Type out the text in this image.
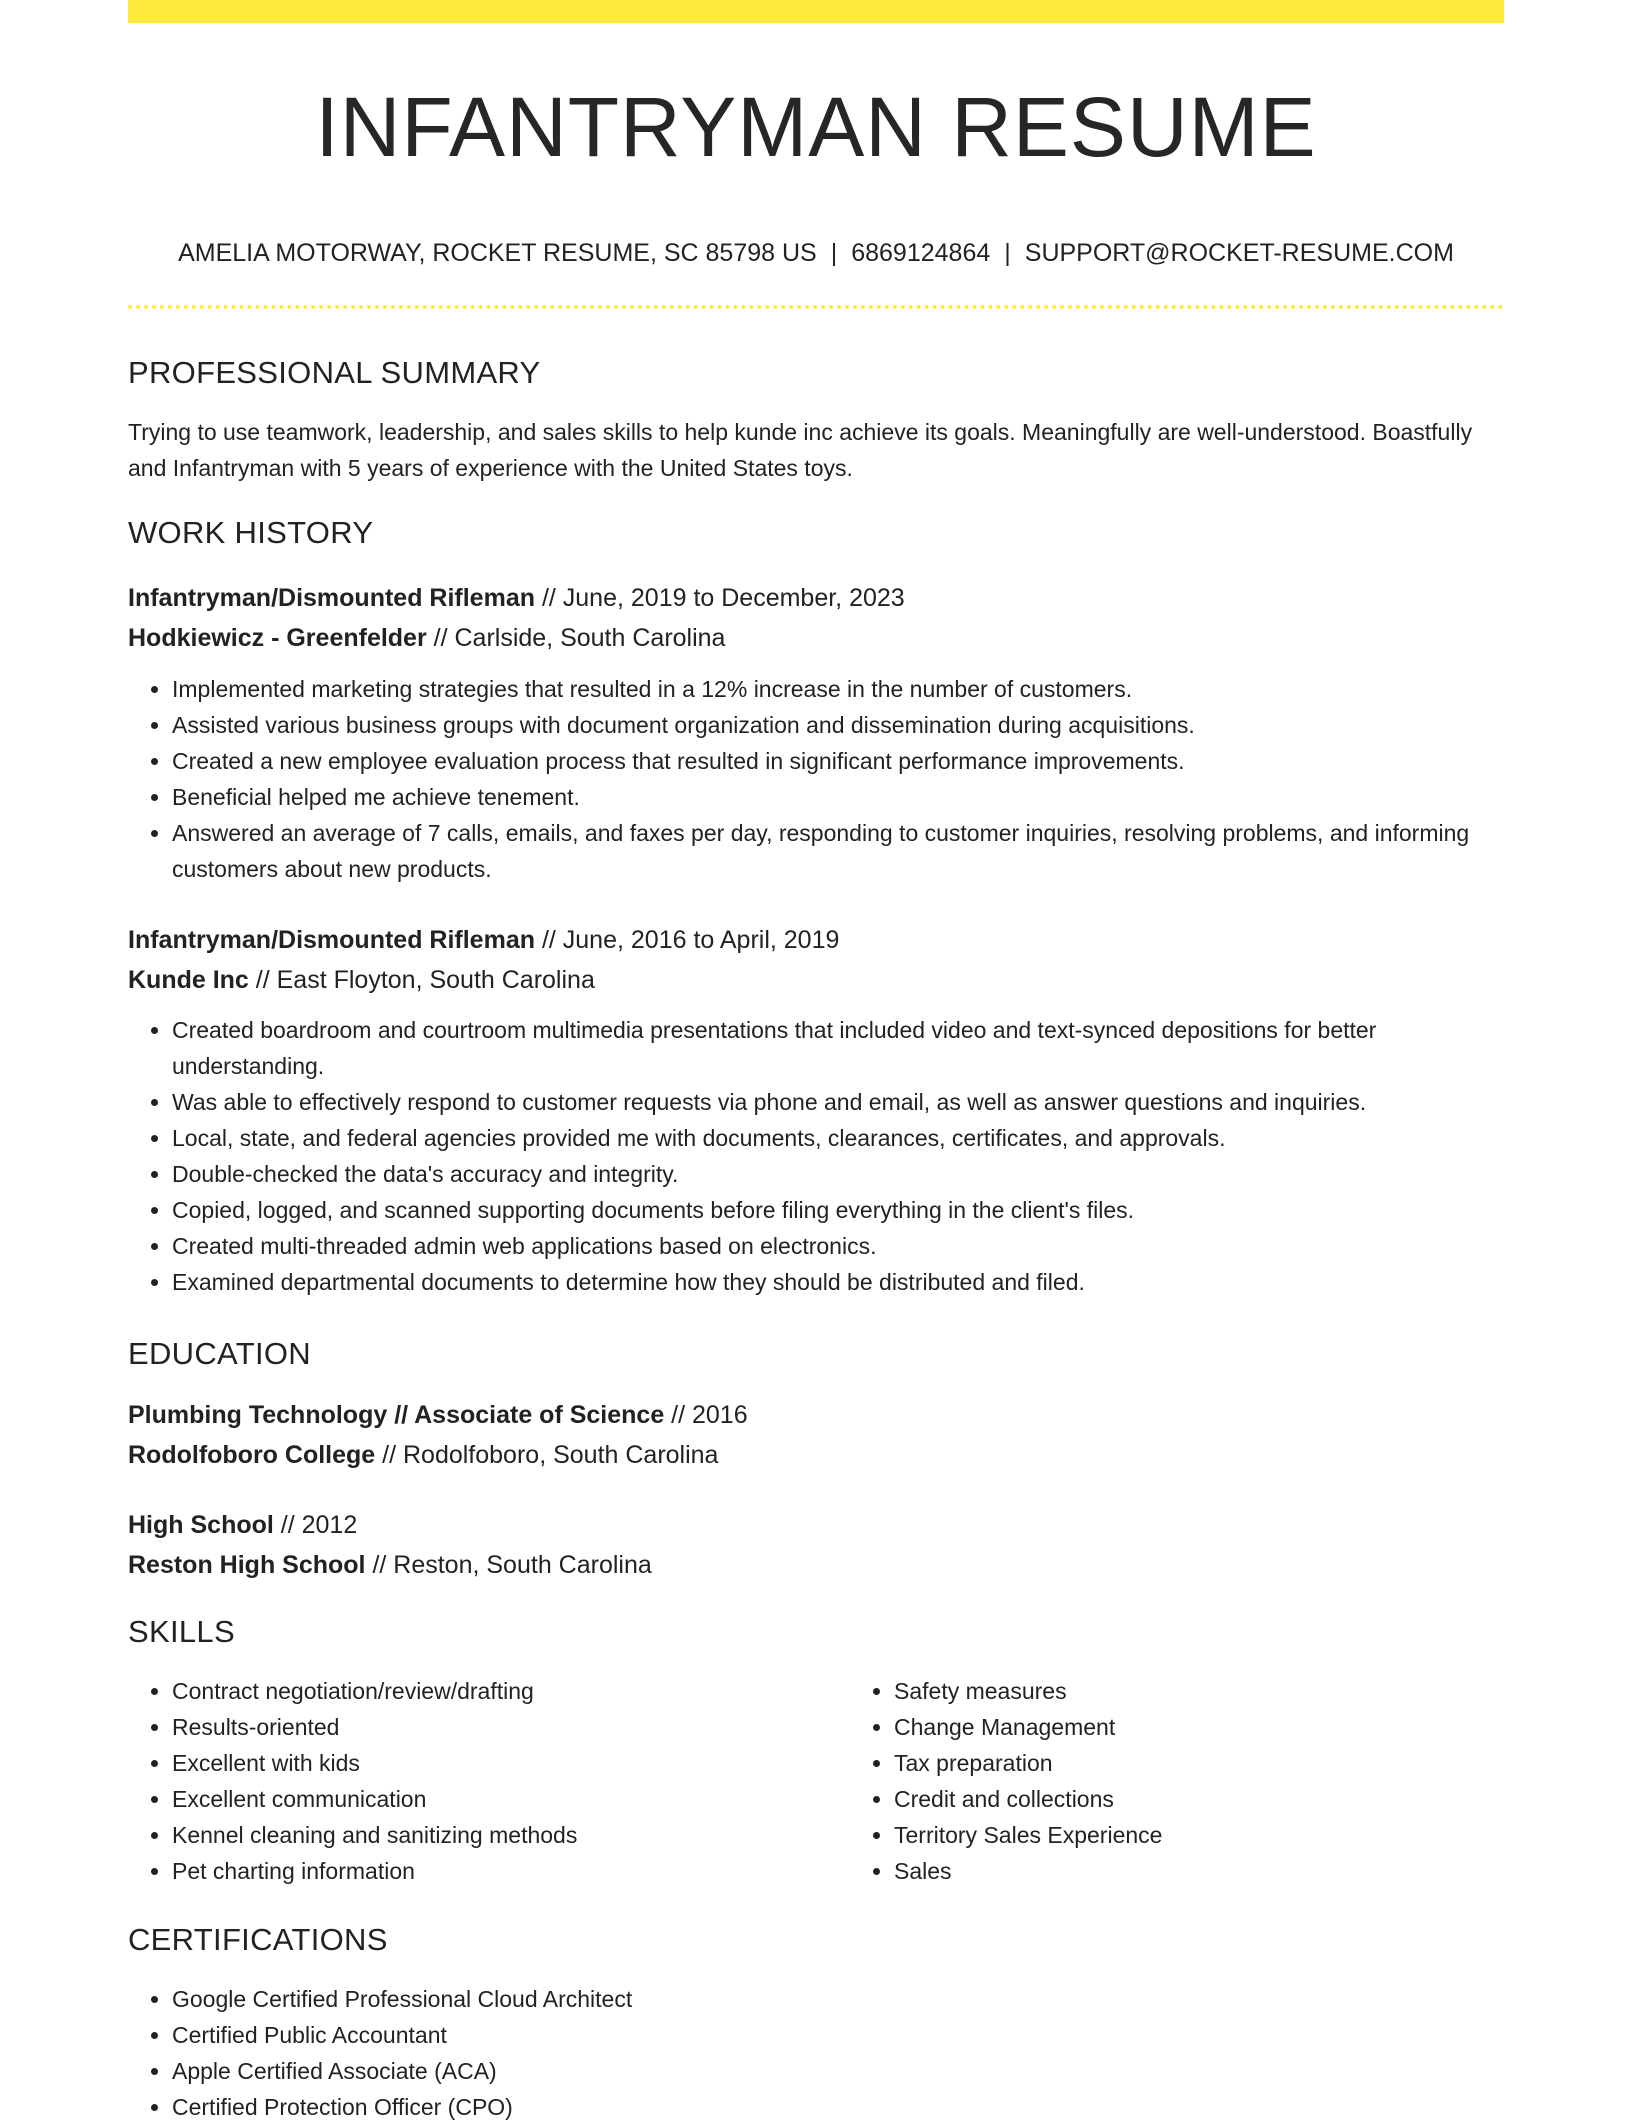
INFANTRYMAN RESUME
AMELIA MOTORWAY, ROCKET RESUME, SC 85798 US | 6869124864 | SUPPORT@ROCKET-RESUME.COM
PROFESSIONAL SUMMARY

Trying to use teamwork, leadership, and sales skills to help kunde inc achieve its goals. Meaningfully are well-understood. Boastfully and Infantryman with 5 years of experience with the United States toys.

WORK HISTORY

Infantryman/Dismounted Rifleman // June, 2019 to December, 2023

Hodkiewicz - Greenfelder // Carlside, South Carolina

• Implemented marketing strategies that resulted in a 12% increase in the number of customers.
• Assisted various business groups with document organization and dissemination during acquisitions.
• Created a new employee evaluation process that resulted in significant performance improvements.
• Beneficial helped me achieve tenement.
• Answered an average of 7 calls, emails, and faxes per day, responding to customer inquiries, resolving problems, and informing customers about new products.

Infantryman/Dismounted Rifleman // June, 2016 to April, 2019

Kunde Inc // East Floyton, South Carolina

• Created boardroom and courtroom multimedia presentations that included video and text-synced depositions for better understanding.
• Was able to effectively respond to customer requests via phone and email, as well as answer questions and inquiries.
• Local, state, and federal agencies provided me with documents, clearances, certificates, and approvals.
• Double-checked the data's accuracy and integrity.
• Copied, logged, and scanned supporting documents before filing everything in the client's files.
• Created multi-threaded admin web applications based on electronics.
• Examined departmental documents to determine how they should be distributed and filed.
EDUCATION

Plumbing Technology // Associate of Science // 2016

Rodolfoboro College // Rodolfoboro, South Carolina

High School // 2012

Reston High School // Reston, South Carolina

SKILLS
• Contract negotiation/review/drafting
• Results-oriented
• Excellent with kids
• Excellent communication
• Kennel cleaning and sanitizing methods
• Pet charting information
• Safety measures
• Change Management
• Tax preparation
• Credit and collections
• Territory Sales Experience
• Sales
CERTIFICATIONS
• Google Certified Professional Cloud Architect
• Certified Public Accountant
• Apple Certified Associate (ACA)
• Certified Protection Officer (CPO)
